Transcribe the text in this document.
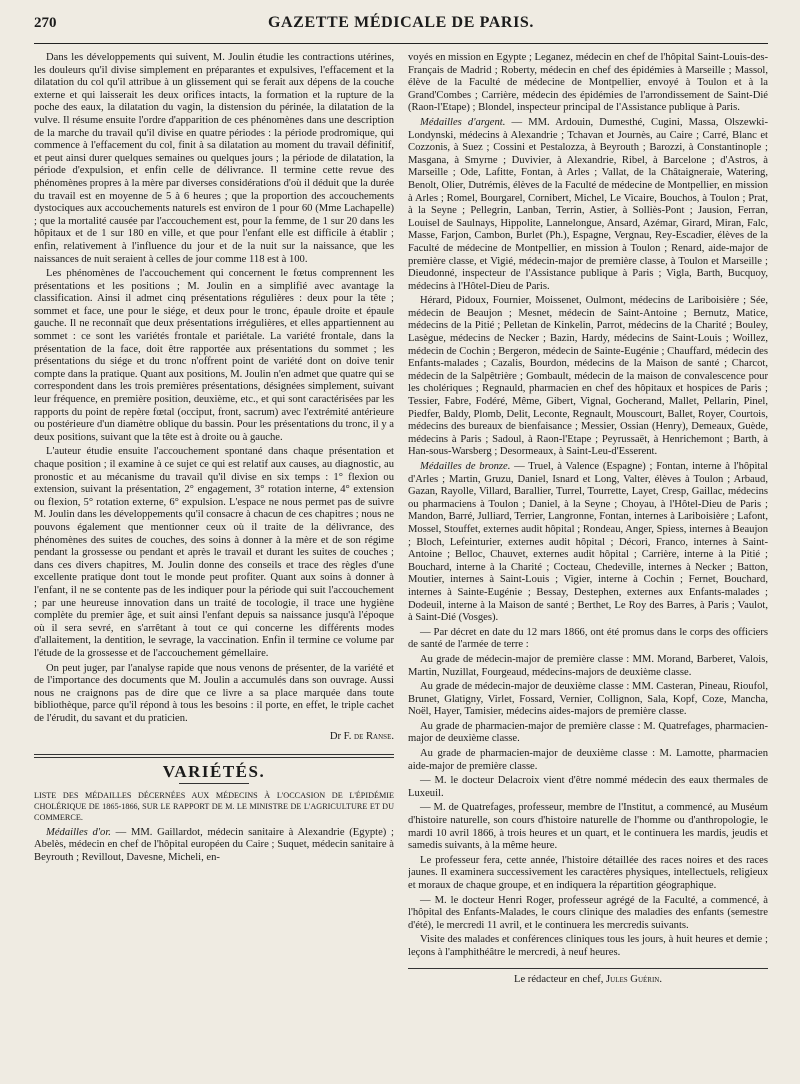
270	GAZETTE MÉDICALE DE PARIS.

Dans les développements qui suivent, M. Joulin étudie les contractions utérines, les douleurs qu'il divise simplement en préparantes et expulsives, l'effacement et la dilatation du col qu'il attribue à un glissement qui se ferait aux dépens de la couche externe et qui laisserait les deux orifices intacts, la formation et la rupture de la poche des eaux, la dilatation du vagin, la distension du périnée, la dilatation de la vulve. Il résume ensuite l'ordre d'apparition de ces phénomènes dans une description de la marche du travail qu'il divise en quatre périodes : la période prodromique, qui commence à l'effacement du col, finit à sa dilatation au moment du travail définitif, et peut ainsi durer quelques semaines ou quelques jours ; la période de dilatation, la période d'expulsion, et enfin celle de délivrance. Il termine cette revue des phénomènes propres à la mère par diverses considérations d'où il déduit que la durée du travail est en moyenne de 5 à 6 heures ; que la proportion des accouchements dystociques aux accouchements naturels est environ de 1 pour 60 (Mme Lachapelle) ; que la mortalité causée par l'accouchement est, pour la femme, de 1 sur 20 dans les hôpitaux et de 1 sur 180 en ville, et que pour l'enfant elle est difficile à établir ; enfin, relativement à l'influence du jour et de la nuit sur la naissance, que les naissances de nuit seraient à celles de jour comme 118 est à 100.

Les phénomènes de l'accouchement qui concernent le fœtus comprennent les présentations et les positions ; M. Joulin en a simplifié avec avantage la classification. Ainsi il admet cinq présentations régulières : deux pour la tête ; sommet et face, une pour le siége, et deux pour le tronc, épaule droite et épaule gauche. Il ne reconnaît que deux présentations irrégulières, et elles appartiennent au sommet : ce sont les variétés frontale et pariétale. La variété frontale, dans la présentation de la face, doit être rapportée aux présentations du sommet ; les présentations du siége et du tronc n'offrent point de variété dont on doive tenir compte dans la pratique. Quant aux positions, M. Joulin n'en admet que quatre qui se correspondent dans les trois premières présentations, désignées simplement, suivant leur fréquence, en première position, deuxième, etc., et qui sont caractérisées par les rapports du point de repère fœtal (occiput, front, sacrum) avec l'extrémité antérieure ou postérieure d'un diamètre oblique du bassin. Pour les présentations du tronc, il y a deux positions, suivant que la tête est à droite ou à gauche.

L'auteur étudie ensuite l'accouchement spontané dans chaque présentation et chaque position ; il examine à ce sujet ce qui est relatif aux causes, au diagnostic, au pronostic et au mécanisme du travail qu'il divise en six temps : 1° flexion ou extension, suivant la présentation, 2° engagement, 3° rotation interne, 4° extension ou flexion, 5° rotation externe, 6° expulsion. L'espace ne nous permet pas de suivre M. Joulin dans les développements qu'il consacre à chacun de ces chapitres ; nous ne pouvons également que mentionner ceux où il traite de la délivrance, des phénomènes des suites de couches, des soins à donner à la mère et de son régime pendant la grossesse ou pendant et après le travail et durant les suites de couches ; dans ces divers chapitres, M. Joulin donne des conseils et trace des règles d'une excellente pratique dont tout le monde peut profiter. Quant aux soins à donner à l'enfant, il ne se contente pas de les indiquer pour la période qui suit l'accouchement ; par une heureuse innovation dans un traité de tocologie, il trace une hygiène complète du premier âge, et suit ainsi l'enfant depuis sa naissance jusqu'à l'époque où il sera sevré, en s'arrêtant à tout ce qui concerne les différents modes d'allaitement, la dentition, le sevrage, la vaccination. Enfin il termine ce volume par l'étude de la grossesse et de l'accouchement gémellaire.

On peut juger, par l'analyse rapide que nous venons de présenter, de la variété et de l'importance des documents que M. Joulin a accumulés dans son ouvrage. Aussi nous ne craignons pas de dire que ce livre a sa place marquée dans toute bibliothèque, parce qu'il répond à tous les besoins : il porte, en effet, le triple cachet de l'érudit, du savant et du praticien.

Dr F. de Ranse.
VARIÉTÉS.
LISTE DES MÉDAILLES DÉCERNÉES AUX MÉDECINS À L'OCCASION DE L'ÉPIDÉMIE CHOLÉRIQUE DE 1865-1866, SUR LE RAPPORT DE M. LE MINISTRE DE L'AGRICULTURE ET DU COMMERCE.

Médailles d'or. — MM. Gaillardot, médecin sanitaire à Alexandrie (Egypte) ; Abelès, médecin en chef de l'hôpital européen du Caire ; Suquet, médecin sanitaire à Beyrouth ; Revillout, Davesne, Micheli, en-

voyés en mission en Egypte ; Leganez, médecin en chef de l'hôpital Saint-Louis-des-Français de Madrid ; Roberty, médecin en chef des épidémies à Marseille ; Massol, élève de la Faculté de médecine de Montpellier, envoyé à Toulon et à la Grand'Combes ; Carrière, médecin des épidémies de l'arrondissement de Saint-Dié (Raon-l'Etape) ; Blondel, inspecteur principal de l'Assistance publique à Paris.

Médailles d'argent. — MM. Ardouin, Dumesthé, Cugini, Massa, Olszewki-Londynski, médecins à Alexandrie ; Tchavan et Journès, au Caire ; Carré, Blanc et Cozzonis, à Suez ; Cossini et Pestalozza, à Beyrouth ; Barozzi, à Constantinople ; Masgana, à Smyrne ; Duvivier, à Alexandrie, Ribel, à Barcelone ; d'Astros, à Marseille ; Ode, Lafitte, Fontan, à Arles ; Vallat, de la Châtaigneraie, Watering, Benolt, Olier, Dutrémis, élèves de la Faculté de médecine de Montpellier, en mission à Arles ; Romel, Bourgarel, Cornibert, Michel, Le Vicaire, Bouchos, à Toulon ; Prat, à la Seyne ; Pellegrin, Lanban, Terrin, Astier, à Solliès-Pont ; Jausion, Ferran, Louisel de Saulnays, Hippolite, Lannelongue, Ansard, Azémar, Girard, Miran, Falc, Masse, Farjon, Cambon, Burlet (Ph.), Espagne, Vergnau, Rey-Escadier, élèves de la Faculté de médecine de Montpellier, en mission à Toulon ; Renard, aide-major de première classe, et Vigié, médecin-major de première classe, à Toulon et Marseille ; Dieudonné, inspecteur de l'Assistance publique à Paris ; Vigla, Barth, Bucquoy, médecins à l'Hôtel-Dieu de Paris.

Hérard, Pidoux, Fournier, Moissenet, Oulmont, médecins de Lariboisière ; Sée, médecin de Beaujon ; Mesnet, médecin de Saint-Antoine ; Bernutz, Matice, médecins de la Pitié ; Pelletan de Kinkelin, Parrot, médecins de la Charité ; Bouley, Lasègue, médecins de Necker ; Bazin, Hardy, médecins de Saint-Louis ; Woillez, médecin de Cochin ; Bergeron, médecin de Sainte-Eugénie ; Chauffard, médecin des Enfants-malades ; Cazalis, Bourdon, médecins de la Maison de santé ; Charcot, médecin de la Salpêtrière ; Gombault, médecin de la maison de convalescence pour les cholériques ; Regnauld, pharmacien en chef des hôpitaux et hospices de Paris ; Tessier, Fabre, Fodéré, Même, Gibert, Vignal, Gocherand, Mallet, Pellarin, Pinel, Piedfer, Baldy, Plomb, Delit, Leconte, Regnault, Mouscourt, Ballet, Royer, Courtois, médecins des bureaux de bienfaisance ; Messier, Ossian (Henry), Demeaux, Guède, médecins à Paris ; Sadoul, à Raon-l'Etape ; Peyrussaët, à Henrichemont ; Barth, à Han-sous-Warsberg ; Desormeaux, à Saint-Leu-d'Esserent.

Médailles de bronze. — Truel, à Valence (Espagne) ; Fontan, interne à l'hôpital d'Arles ; Martin, Gruzu, Daniel, Isnard et Long, Valter, élèves à Toulon ; Arbaud, Gazan, Rayolle, Villard, Barallier, Turrel, Tourrette, Layet, Cresp, Gaillac, médecins ou pharmaciens à Toulon ; Daniel, à la Seyne ; Choyau, à l'Hôtel-Dieu de Paris ; Mandon, Barré, Julliard, Terrier, Langronne, Fontan, internes à Lariboisière ; Lafont, Mossel, Stouffet, externes audit hôpital ; Rondeau, Anger, Spiess, internes à Beaujon ; Bloch, Lefeinturier, externes audit hôpital ; Décori, Franco, internes à Saint-Antoine ; Belloc, Chauvet, externes audit hôpital ; Carrière, interne à la Pitié ; Bouchard, interne à la Charité ; Cocteau, Chedeville, internes à Necker ; Batton, Moutier, internes à Saint-Louis ; Vigier, interne à Cochin ; Fernet, Bouchard, internes à Sainte-Eugénie ; Bessay, Destephen, externes aux Enfants-malades ; Dodeuil, interne à la Maison de santé ; Berthet, Le Roy des Barres, à Paris ; Vaulot, à Saint-Dié (Vosges).

— Par décret en date du 12 mars 1866, ont été promus dans le corps des officiers de santé de l'armée de terre :

Au grade de médecin-major de première classe : MM. Morand, Barberet, Valois, Martin, Nuzillat, Fourgeaud, médecins-majors de deuxième classe.

Au grade de médecin-major de deuxième classe : MM. Casteran, Pineau, Rioufol, Brunet, Glatigny, Virlet, Fossard, Vernier, Collignon, Sala, Kopf, Coze, Mancha, Noël, Hayer, Tamisier, médecins aides-majors de première classe.

Au grade de pharmacien-major de première classe : M. Quatrefages, pharmacien-major de deuxième classe.

Au grade de pharmacien-major de deuxième classe : M. Lamotte, pharmacien aide-major de première classe.

— M. le docteur Delacroix vient d'être nommé médecin des eaux thermales de Luxeuil.

— M. de Quatrefages, professeur, membre de l'Institut, a commencé, au Muséum d'histoire naturelle, son cours d'histoire naturelle de l'homme ou d'anthropologie, le mardi 10 avril 1866, à trois heures et un quart, et le continuera les mardis, jeudis et samedis suivants, à la même heure.

Le professeur fera, cette année, l'histoire détaillée des races noires et des races jaunes. Il examinera successivement les caractères physiques, intellectuels, religieux et moraux de chaque groupe, et en indiquera la répartition géographique.

— M. le docteur Henri Roger, professeur agrégé de la Faculté, a commencé, à l'hôpital des Enfants-Malades, le cours clinique des maladies des enfants (semestre d'été), le mercredi 11 avril, et le continuera les mercredis suivants.

Visite des malades et conférences cliniques tous les jours, à huit heures et demie ; leçons à l'amphithéâtre le mercredi, à neuf heures.

Le rédacteur en chef, Jules Guérin.
